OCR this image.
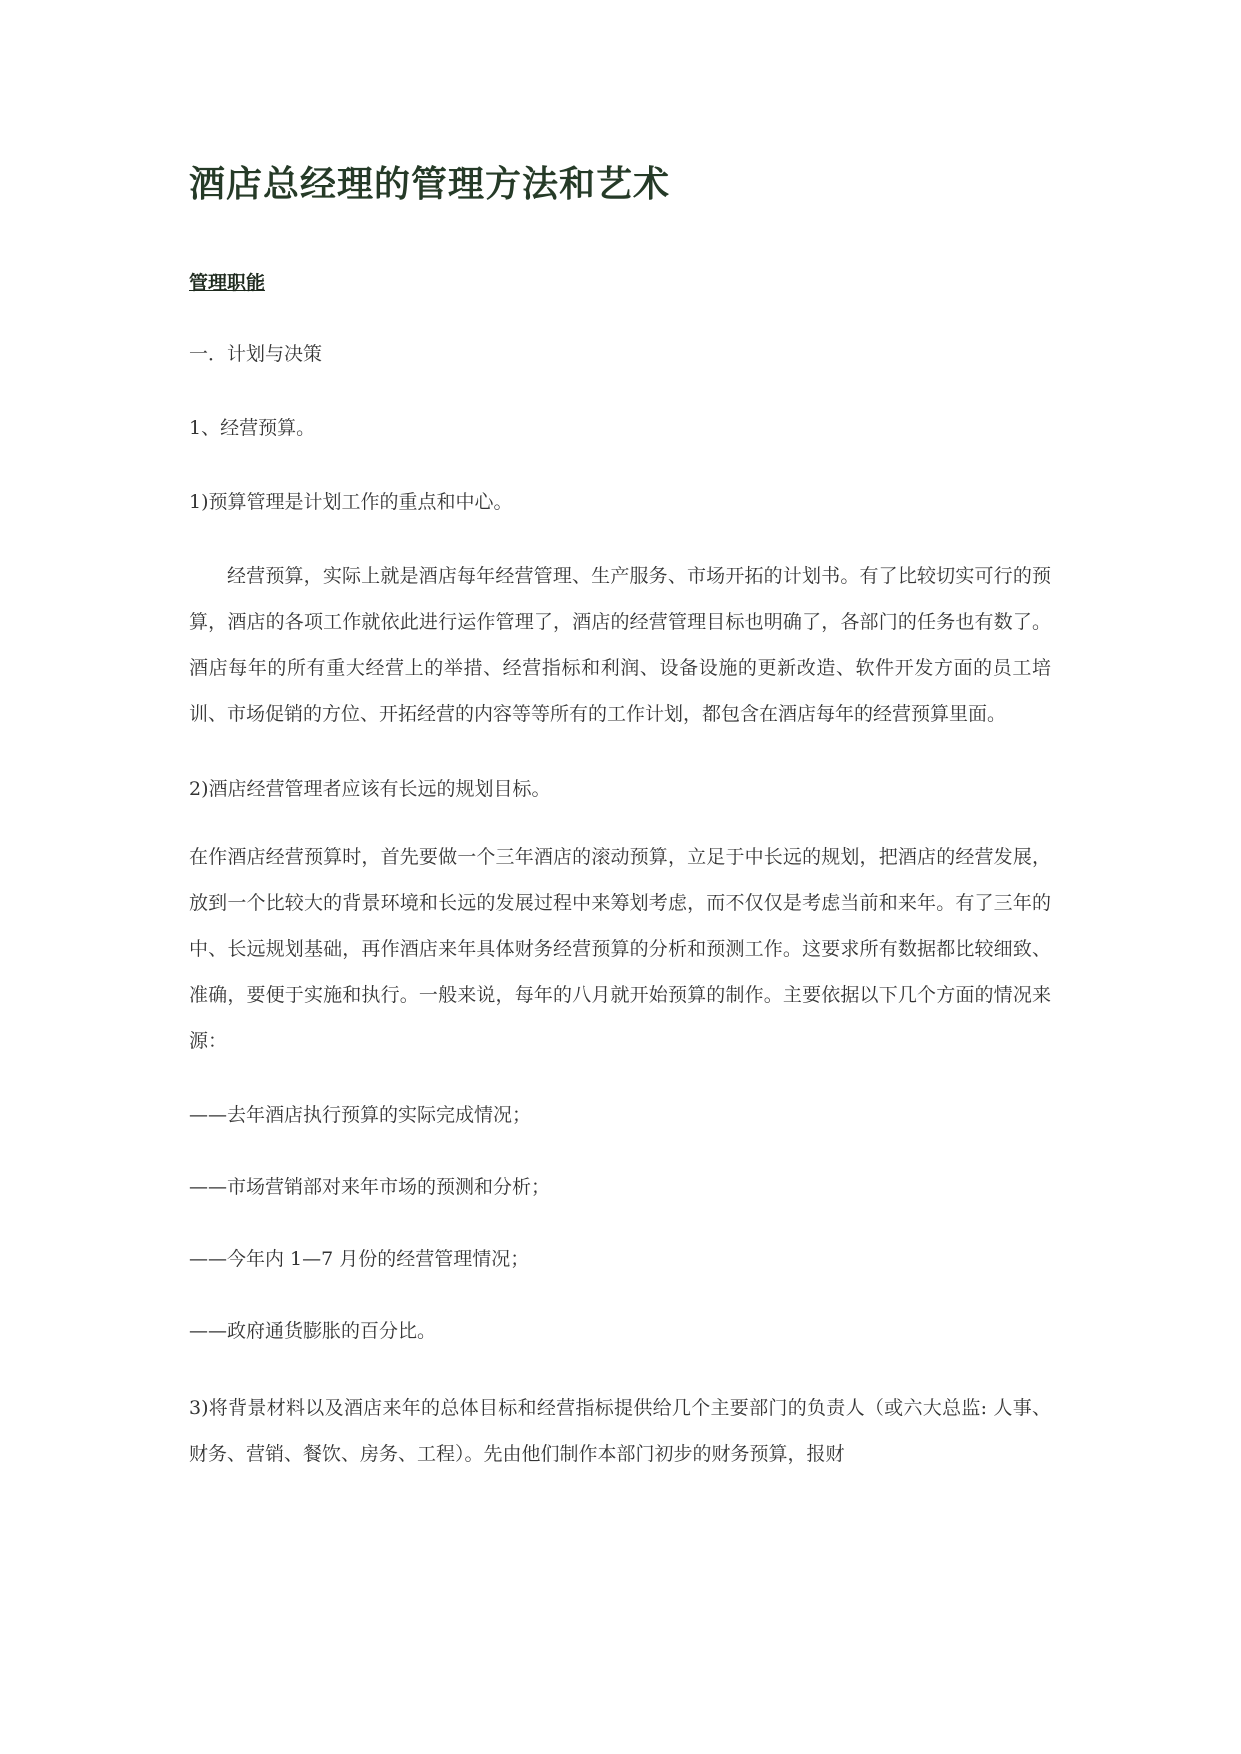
酒店总经理的管理方法和艺术
管理职能
一．计划与决策
1、经营预算。
1)预算管理是计划工作的重点和中心。
经营预算，实际上就是酒店每年经营管理、生产服务、市场开拓的计划书。有了比较切实可行的预算，酒店的各项工作就依此进行运作管理了，酒店的经营管理目标也明确了，各部门的任务也有数了。酒店每年的所有重大经营上的举措、经营指标和利润、设备设施的更新改造、软件开发方面的员工培训、市场促销的方位、开拓经营的内容等等所有的工作计划，都包含在酒店每年的经营预算里面。
2)酒店经营管理者应该有长远的规划目标。
在作酒店经营预算时，首先要做一个三年酒店的滚动预算，立足于中长远的规划，把酒店的经营发展，放到一个比较大的背景环境和长远的发展过程中来筹划考虑，而不仅仅是考虑当前和来年。有了三年的中、长远规划基础，再作酒店来年具体财务经营预算的分析和预测工作。这要求所有数据都比较细致、准确，要便于实施和执行。一般来说，每年的八月就开始预算的制作。主要依据以下几个方面的情况来源：
——去年酒店执行预算的实际完成情况；
——市场营销部对来年市场的预测和分析；
——今年内 1—7 月份的经营管理情况；
——政府通货膨胀的百分比。
3)将背景材料以及酒店来年的总体目标和经营指标提供给几个主要部门的负责人（或六大总监: 人事、财务、营销、餐饮、房务、工程）。先由他们制作本部门初步的财务预算，报财
